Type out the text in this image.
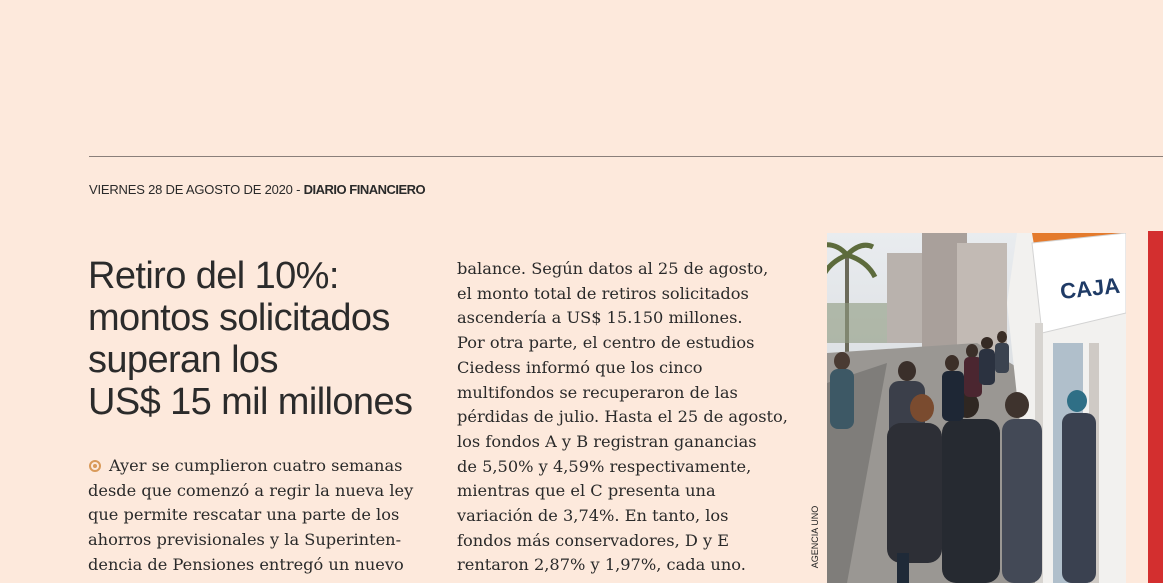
VIERNES 28 DE AGOSTO DE 2020 - DIARIO FINANCIERO
Retiro del 10%:
montos solicitados
superan los
US$ 15 mil millones
Ayer se cumplieron cuatro semanas
desde que comenzó a regir la nueva ley
que permite rescatar una parte de los
ahorros previsionales y la Superinten-
dencia de Pensiones entregó un nuevo
balance. Según datos al 25 de agosto,
el monto total de retiros solicitados
ascendería a US$ 15.150 millones.
Por otra parte, el centro de estudios
Ciedess informó que los cinco
multifondos se recuperaron de las
pérdidas de julio. Hasta el 25 de agosto,
los fondos A y B registran ganancias
de 5,50% y 4,59% respectivamente,
mientras que el C presenta una
variación de 3,74%. En tanto, los
fondos más conservadores, D y E
rentaron 2,87% y 1,97%, cada uno.	AGENCIA UNO
CAJA
